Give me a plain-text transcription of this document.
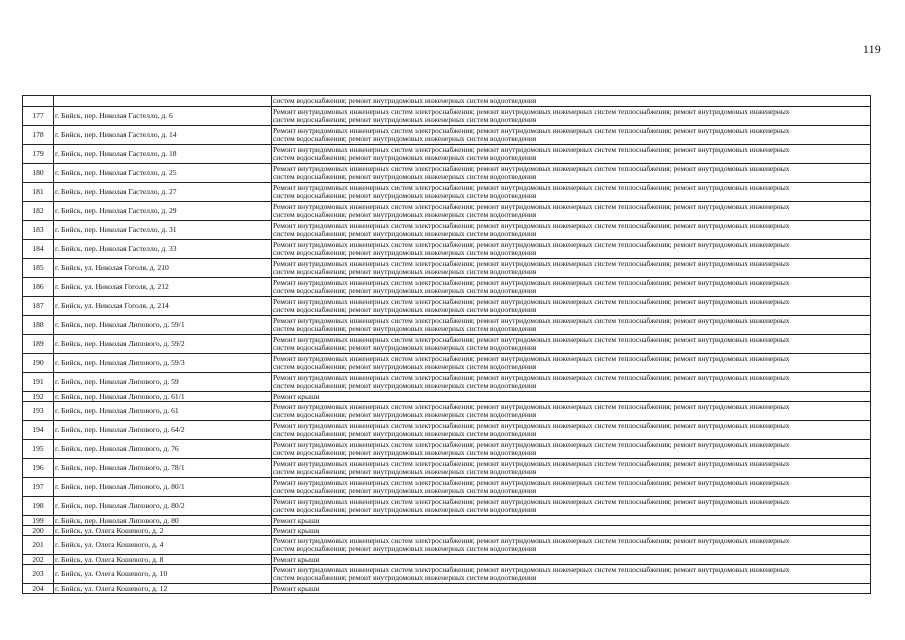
119

		систем водоснабжения; ремонт внутридомовых инженерных систем водоотведения

177	г. Бийск, пер. Николая Гастелло, д. 6	Ремонт внутридомовых инженерных систем электроснабжения; ремонт внутридомовых инженерных систем теплоснабжения; ремонт внутридомовых инженерных
систем водоснабжения; ремонт внутридомовых инженерных систем водоотведения

178	г. Бийск, пер. Николая Гастелло, д. 14	Ремонт внутридомовых инженерных систем электроснабжения; ремонт внутридомовых инженерных систем теплоснабжения; ремонт внутридомовых инженерных
систем водоснабжения; ремонт внутридомовых инженерных систем водоотведения

179	г. Бийск, пер. Николая Гастелло, д. 18	Ремонт внутридомовых инженерных систем электроснабжения; ремонт внутридомовых инженерных систем теплоснабжения; ремонт внутридомовых инженерных
систем водоснабжения; ремонт внутридомовых инженерных систем водоотведения

180	г. Бийск, пер. Николая Гастелло, д. 25	Ремонт внутридомовых инженерных систем электроснабжения; ремонт внутридомовых инженерных систем теплоснабжения; ремонт внутридомовых инженерных
систем водоснабжения; ремонт внутридомовых инженерных систем водоотведения

181	г. Бийск, пер. Николая Гастелло, д. 27	Ремонт внутридомовых инженерных систем электроснабжения; ремонт внутридомовых инженерных систем теплоснабжения; ремонт внутридомовых инженерных
систем водоснабжения; ремонт внутридомовых инженерных систем водоотведения

182	г. Бийск, пер. Николая Гастелло, д. 29	Ремонт внутридомовых инженерных систем электроснабжения; ремонт внутридомовых инженерных систем теплоснабжения; ремонт внутридомовых инженерных
систем водоснабжения; ремонт внутридомовых инженерных систем водоотведения

183	г. Бийск, пер. Николая Гастелло, д. 31	Ремонт внутридомовых инженерных систем электроснабжения; ремонт внутридомовых инженерных систем теплоснабжения; ремонт внутридомовых инженерных
систем водоснабжения; ремонт внутридомовых инженерных систем водоотведения

184	г. Бийск, пер. Николая Гастелло, д. 33	Ремонт внутридомовых инженерных систем электроснабжения; ремонт внутридомовых инженерных систем теплоснабжения; ремонт внутридомовых инженерных
систем водоснабжения; ремонт внутридомовых инженерных систем водоотведения

185	г. Бийск, ул. Николая Гоголя, д. 210	Ремонт внутридомовых инженерных систем электроснабжения; ремонт внутридомовых инженерных систем теплоснабжения; ремонт внутридомовых инженерных
систем водоснабжения; ремонт внутридомовых инженерных систем водоотведения

186	г. Бийск, ул. Николая Гоголя, д. 212	Ремонт внутридомовых инженерных систем электроснабжения; ремонт внутридомовых инженерных систем теплоснабжения; ремонт внутридомовых инженерных
систем водоснабжения; ремонт внутридомовых инженерных систем водоотведения

187	г. Бийск, ул. Николая Гоголя, д. 214	Ремонт внутридомовых инженерных систем электроснабжения; ремонт внутридомовых инженерных систем теплоснабжения; ремонт внутридомовых инженерных
систем водоснабжения; ремонт внутридомовых инженерных систем водоотведения

188	г. Бийск, пер. Николая Липового, д. 59/1	Ремонт внутридомовых инженерных систем электроснабжения; ремонт внутридомовых инженерных систем теплоснабжения; ремонт внутридомовых инженерных
систем водоснабжения; ремонт внутридомовых инженерных систем водоотведения

189	г. Бийск, пер. Николая Липового, д. 59/2	Ремонт внутридомовых инженерных систем электроснабжения; ремонт внутридомовых инженерных систем теплоснабжения; ремонт внутридомовых инженерных
систем водоснабжения; ремонт внутридомовых инженерных систем водоотведения

190	г. Бийск, пер. Николая Липового, д. 59/3	Ремонт внутридомовых инженерных систем электроснабжения; ремонт внутридомовых инженерных систем теплоснабжения; ремонт внутридомовых инженерных
систем водоснабжения; ремонт внутридомовых инженерных систем водоотведения

191	г. Бийск, пер. Николая Липового, д. 59	Ремонт внутридомовых инженерных систем электроснабжения; ремонт внутридомовых инженерных систем теплоснабжения; ремонт внутридомовых инженерных
систем водоснабжения; ремонт внутридомовых инженерных систем водоотведения

192	г. Бийск, пер. Николая Липового, д. 61/1	Ремонт крыши

193	г. Бийск, пер. Николая Липового, д. 61	Ремонт внутридомовых инженерных систем электроснабжения; ремонт внутридомовых инженерных систем теплоснабжения; ремонт внутридомовых инженерных
систем водоснабжения; ремонт внутридомовых инженерных систем водоотведения

194	г. Бийск, пер. Николая Липового, д. 64/2	Ремонт внутридомовых инженерных систем электроснабжения; ремонт внутридомовых инженерных систем теплоснабжения; ремонт внутридомовых инженерных
систем водоснабжения; ремонт внутридомовых инженерных систем водоотведения

195	г. Бийск, пер. Николая Липового, д. 76	Ремонт внутридомовых инженерных систем электроснабжения; ремонт внутридомовых инженерных систем теплоснабжения; ремонт внутридомовых инженерных
систем водоснабжения; ремонт внутридомовых инженерных систем водоотведения

196	г. Бийск, пер. Николая Липового, д. 78/1	Ремонт внутридомовых инженерных систем электроснабжения; ремонт внутридомовых инженерных систем теплоснабжения; ремонт внутридомовых инженерных
систем водоснабжения; ремонт внутридомовых инженерных систем водоотведения

197	г. Бийск, пер. Николая Липового, д. 80/1	Ремонт внутридомовых инженерных систем электроснабжения; ремонт внутридомовых инженерных систем теплоснабжения; ремонт внутридомовых инженерных
систем водоснабжения; ремонт внутридомовых инженерных систем водоотведения

198	г. Бийск, пер. Николая Липового, д. 80/2	Ремонт внутридомовых инженерных систем электроснабжения; ремонт внутридомовых инженерных систем теплоснабжения; ремонт внутридомовых инженерных
систем водоснабжения; ремонт внутридомовых инженерных систем водоотведения

199	г. Бийск, пер. Николая Липового, д. 80	Ремонт крыши

200	г. Бийск, ул. Олега Кошевого, д. 2	Ремонт крыши

201	г. Бийск, ул. Олега Кошевого, д. 4	Ремонт внутридомовых инженерных систем электроснабжения; ремонт внутридомовых инженерных систем теплоснабжения; ремонт внутридомовых инженерных
систем водоснабжения; ремонт внутридомовых инженерных систем водоотведения

202	г. Бийск, ул. Олега Кошевого, д. 8	Ремонт крыши

203	г. Бийск, ул. Олега Кошевого, д. 10	Ремонт внутридомовых инженерных систем электроснабжения; ремонт внутридомовых инженерных систем теплоснабжения; ремонт внутридомовых инженерных
систем водоснабжения; ремонт внутридомовых инженерных систем водоотведения

204	г. Бийск, ул. Олега Кошевого, д. 12	Ремонт крыши
